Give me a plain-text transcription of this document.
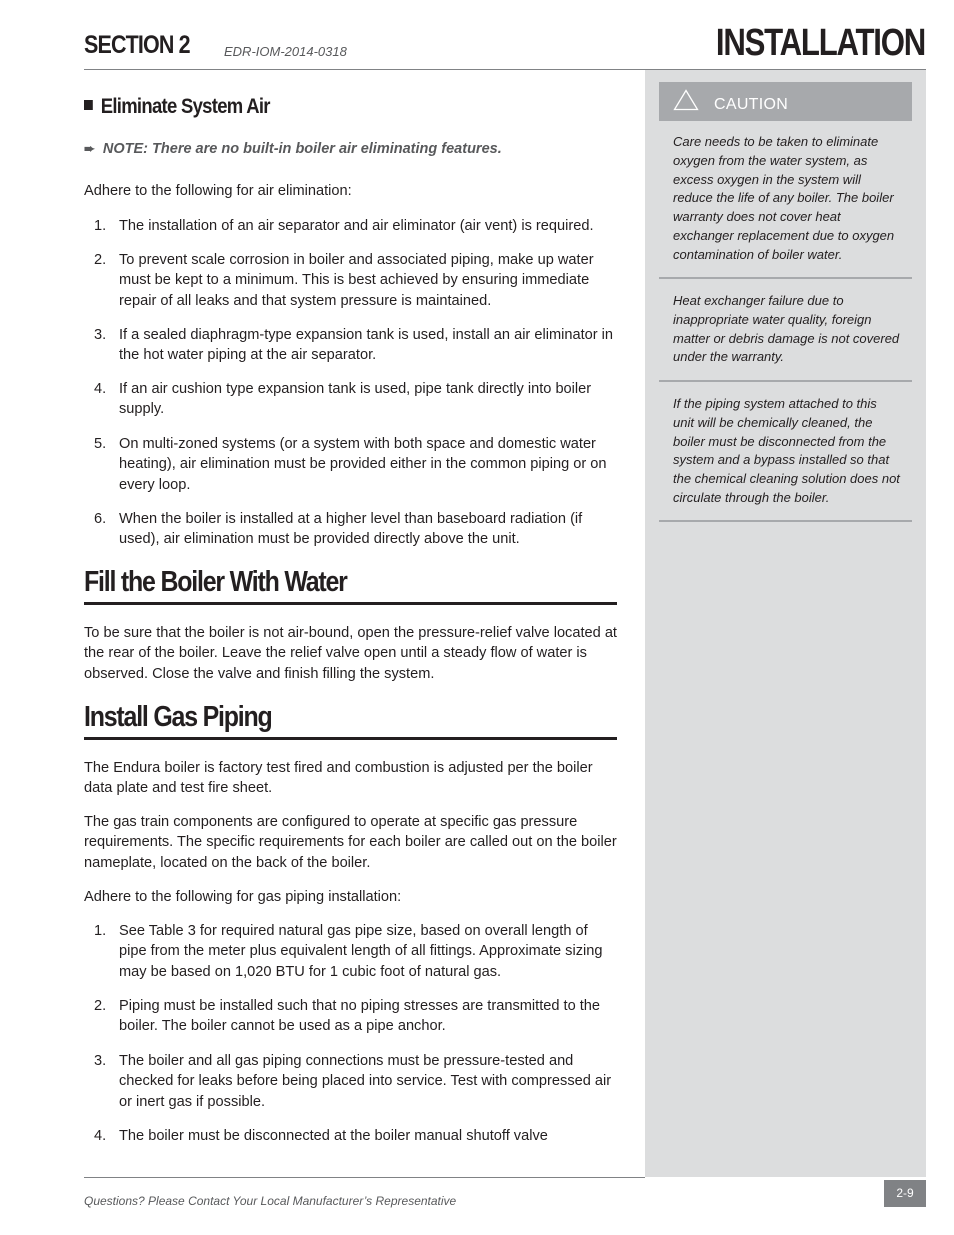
SECTION 2	EDR-IOM-2014-0318	INSTALLATION
CAUTION
Care needs to be taken to eliminate oxygen from the water system, as excess oxygen in the system will reduce the life of any boiler. The boiler warranty does not cover heat exchanger replacement due to oxygen contamination of boiler water.
Heat exchanger failure due to inappropriate water quality, foreign matter or debris damage is not covered under the warranty.
If the piping system attached to this unit will be chemically cleaned, the boiler must be disconnected from the system and a bypass installed so that the chemical cleaning solution does not circulate through the boiler.
Eliminate System Air
➨ NOTE: There are no built-in boiler air eliminating features.
Adhere to the following for air elimination:
1. The installation of an air separator and air eliminator (air vent) is required.
2. To prevent scale corrosion in boiler and associated piping, make up water must be kept to a minimum. This is best achieved by ensuring immediate repair of all leaks and that system pressure is maintained.
3. If a sealed diaphragm-type expansion tank is used, install an air eliminator in the hot water piping at the air separator.
4. If an air cushion type expansion tank is used, pipe tank directly into boiler supply.
5. On multi-zoned systems (or a system with both space and domestic water heating), air elimination must be provided either in the common piping or on every loop.
6. When the boiler is installed at a higher level than baseboard radiation (if used), air elimination must be provided directly above the unit.
Fill the Boiler With Water
To be sure that the boiler is not air-bound, open the pressure-relief valve located at the rear of the boiler. Leave the relief valve open until a steady flow of water is observed. Close the valve and finish filling the system.
Install Gas Piping
The Endura boiler is factory test fired and combustion is adjusted per the boiler data plate and test fire sheet.
The gas train components are configured to operate at specific gas pressure requirements. The specific requirements for each boiler are called out on the boiler nameplate, located on the back of the boiler.
Adhere to the following for gas piping installation:
1. See Table 3 for required natural gas pipe size, based on overall length of pipe from the meter plus equivalent length of all fittings. Approximate sizing may be based on 1,020 BTU for 1 cubic foot of natural gas.
2. Piping must be installed such that no piping stresses are transmitted to the boiler. The boiler cannot be used as a pipe anchor.
3. The boiler and all gas piping connections must be pressure-tested and checked for leaks before being placed into service. Test with compressed air or inert gas if possible.
4. The boiler must be disconnected at the boiler manual shutoff valve
Questions? Please Contact Your Local Manufacturer’s Representative
2-9
